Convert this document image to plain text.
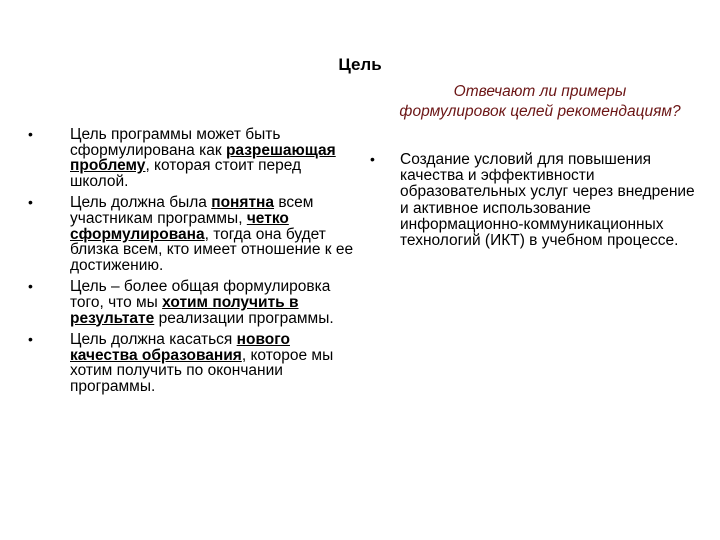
Цель
Отвечают ли примеры
формулировок целей рекомендациям?
•	Цель программы может быть сформулирована как разрешающая проблему, которая стоит перед школой.
•	Цель должна была понятна всем участникам программы, четко сформулирована, тогда она будет близка всем, кто имеет отношение к ее достижению.
•	Цель – более общая формулировка того, что мы хотим получить в результате реализации программы.
•	Цель должна касаться нового качества образования, которое мы хотим получить по окончании программы.
•	Создание условий для повышения качества и эффективности образовательных услуг через внедрение и активное использование информационно-коммуникационных технологий (ИКТ) в учебном процессе.
